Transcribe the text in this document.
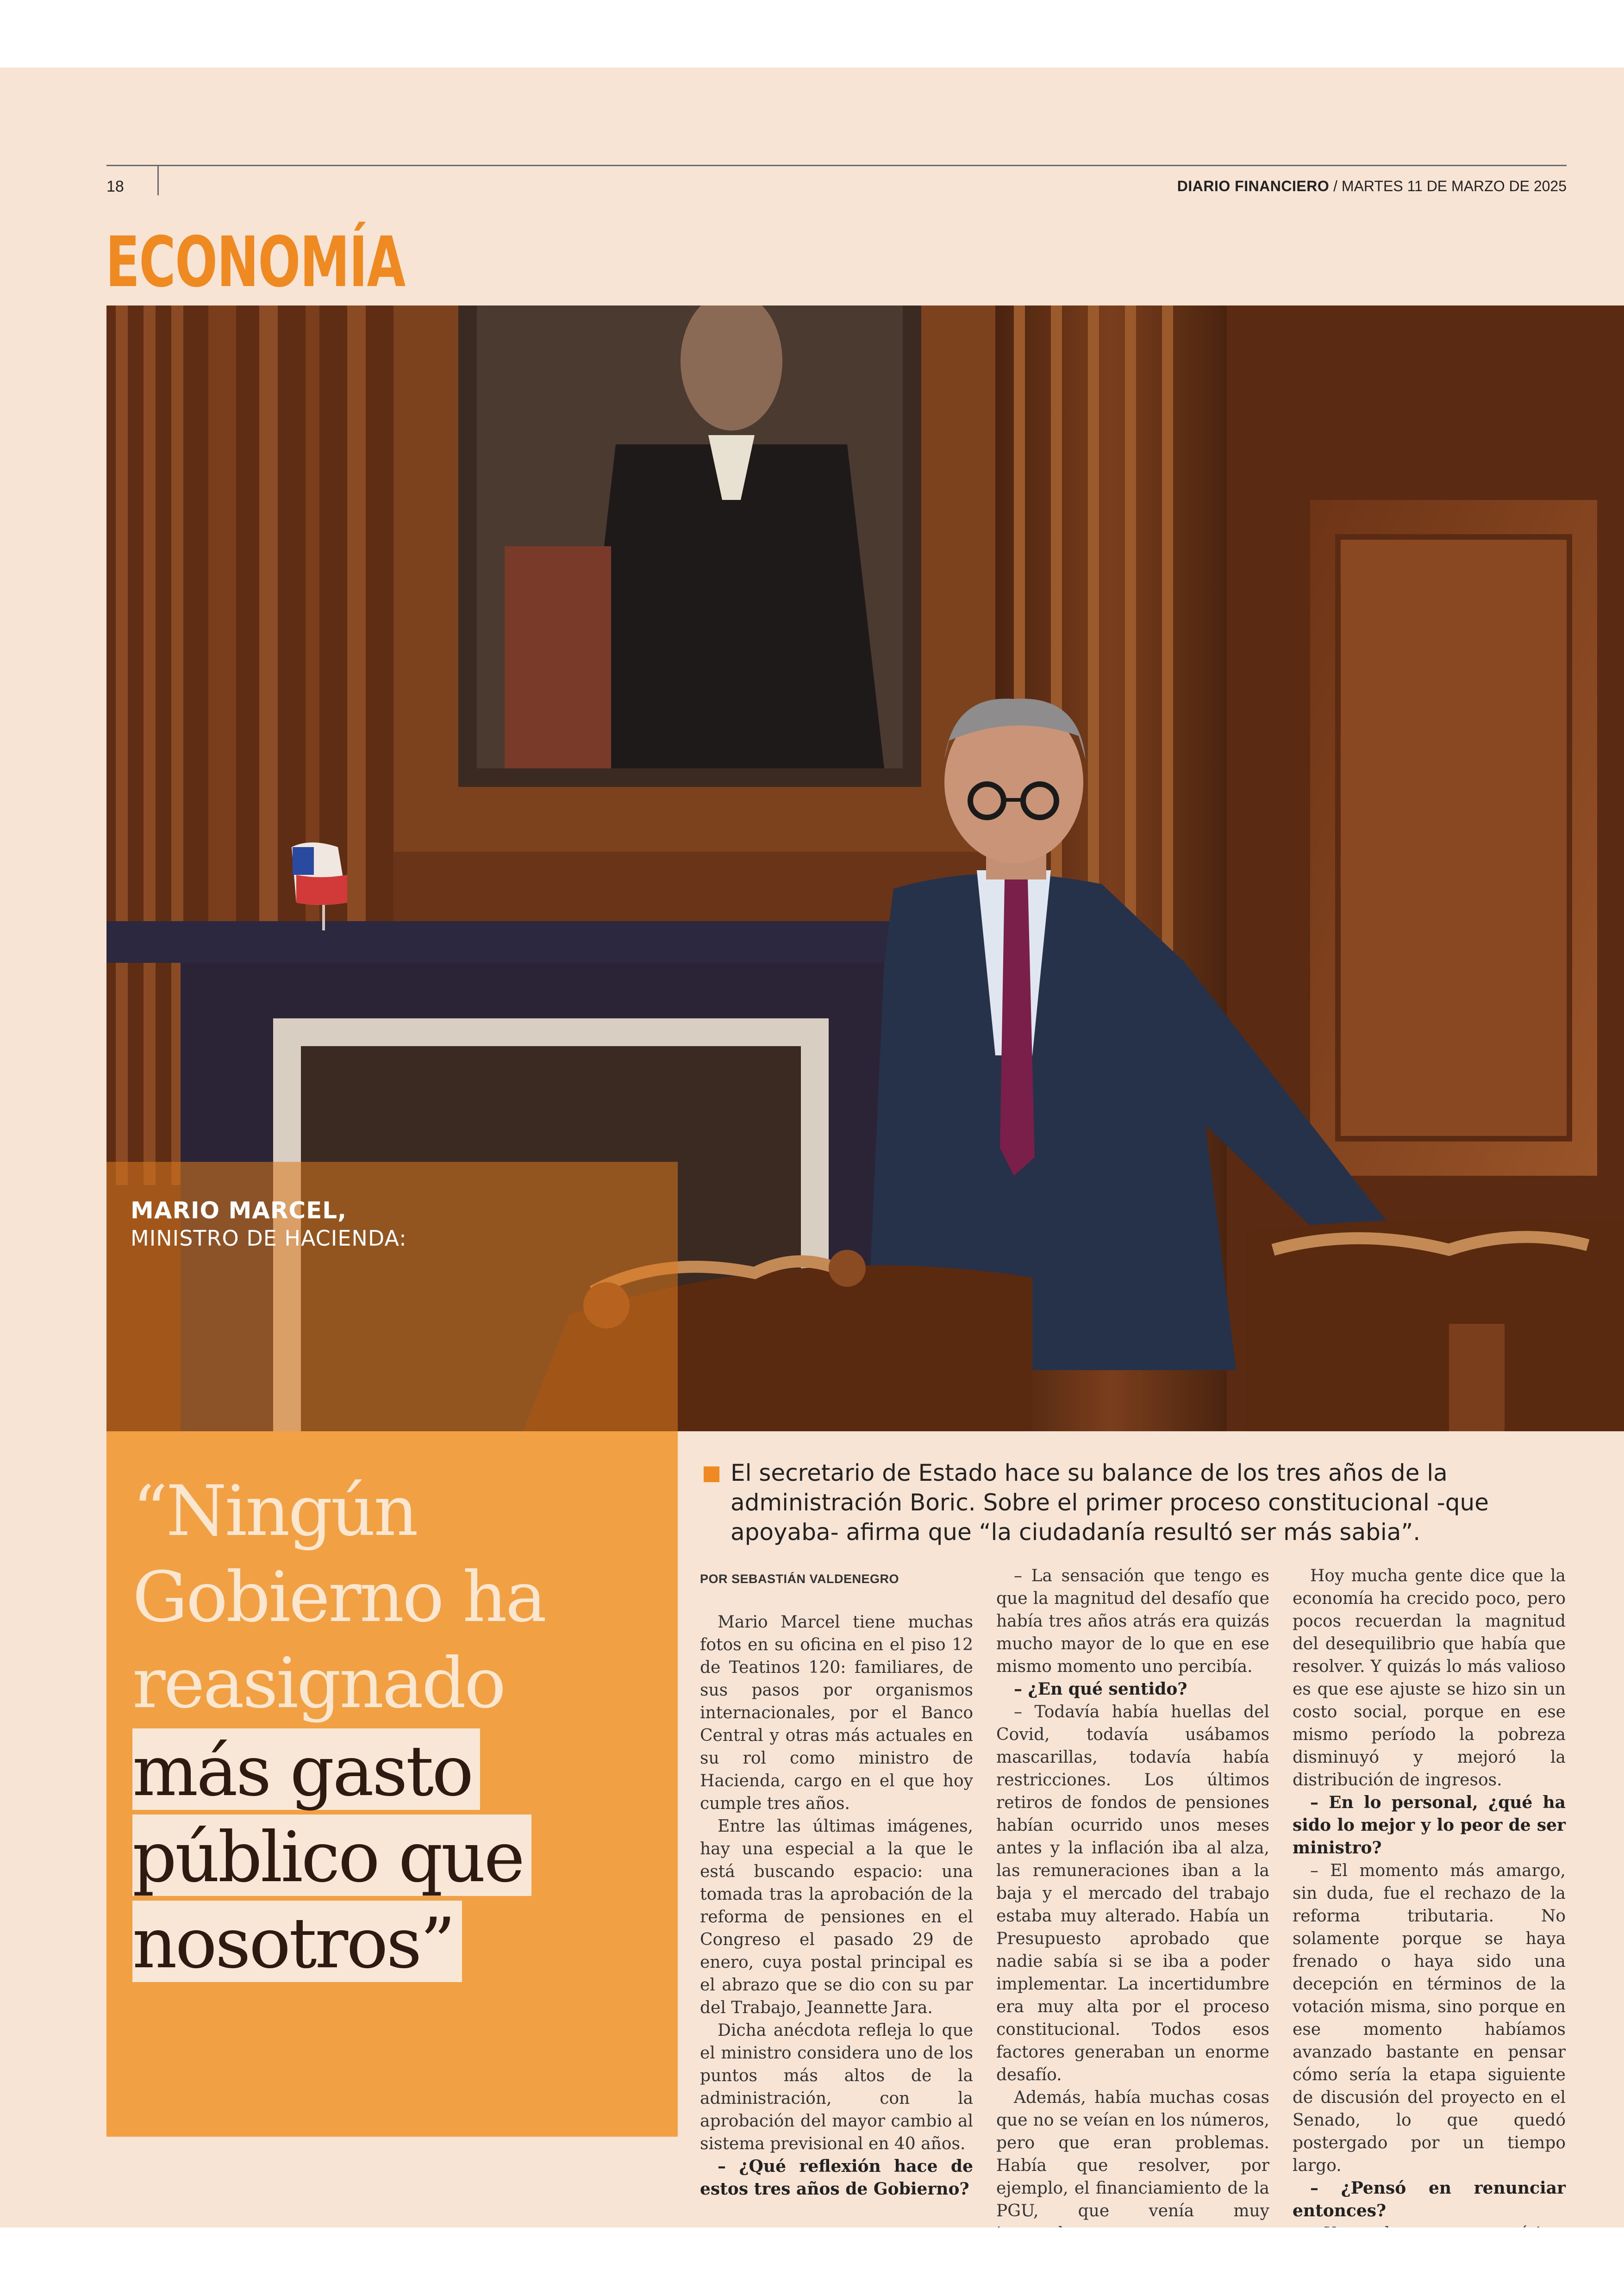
18	DIARIO FINANCIERO / MARTES 11 DE MARZO DE 2025
ECONOMÍA
MARIO MARCEL,
MINISTRO DE HACIENDA:
“Ningún
Gobierno ha
reasignado
más gasto
público que
nosotros”
El secretario de Estado hace su balance de los tres años de la administración Boric. Sobre el primer proceso constitucional -que apoyaba- afirma que “la ciudadanía resultó ser más sabia”.
POR SEBASTIÁN VALDENEGRO

Mario Marcel tiene muchas fotos en su oficina en el piso 12 de Teatinos 120: familiares, de sus pasos por organismos internacionales, por el Banco Central y otras más actuales en su rol como ministro de Hacienda, cargo en el que hoy cumple tres años.

Entre las últimas imágenes, hay una especial a la que le está buscando espacio: una tomada tras la aprobación de la reforma de pensiones en el Congreso el pasado 29 de enero, cuya postal principal es el abrazo que se dio con su par del Trabajo, Jeannette Jara.

Dicha anécdota refleja lo que el ministro considera uno de los puntos más altos de la administración, con la aprobación del mayor cambio al sistema previsional en 40 años.

– ¿Qué reflexión hace de estos tres años de Gobierno?

– La sensación que tengo es que la magnitud del desafío que había tres años atrás era quizás mucho mayor de lo que en ese mismo momento uno percibía.

– ¿En qué sentido?

– Todavía había huellas del Covid, todavía usábamos mascarillas, todavía había restricciones. Los últimos retiros de fondos de pensiones habían ocurrido unos meses antes y la inflación iba al alza, las remuneraciones iban a la baja y el mercado del trabajo estaba muy alterado. Había un Presupuesto aprobado que nadie sabía si se iba a poder implementar. La incertidumbre era muy alta por el proceso constitucional. Todos esos factores generaban un enorme desafío.

Además, había muchas cosas que no se veían en los números, pero que eran problemas. Había que resolver, por ejemplo, el financiamiento de la PGU, que venía muy

Hoy mucha gente dice que la economía ha crecido poco, pero pocos recuerdan la magnitud del desequilibrio que había que resolver. Y quizás lo más valioso es que ese ajuste se hizo sin un costo social, porque en ese mismo período la pobreza disminuyó y mejoró la distribución de ingresos.

– En lo personal, ¿qué ha sido lo mejor y lo peor de ser ministro?

– El momento más amargo, sin duda, fue el rechazo de la reforma tributaria. No solamente porque se haya frenado o haya sido una decepción en términos de la votación misma, sino porque en ese momento habíamos avanzado bastante en pensar cómo sería la etapa siguiente de discusión del proyecto en el Senado, lo que quedó postergado por un tiempo largo.

– ¿Pensó en renunciar entonces?
